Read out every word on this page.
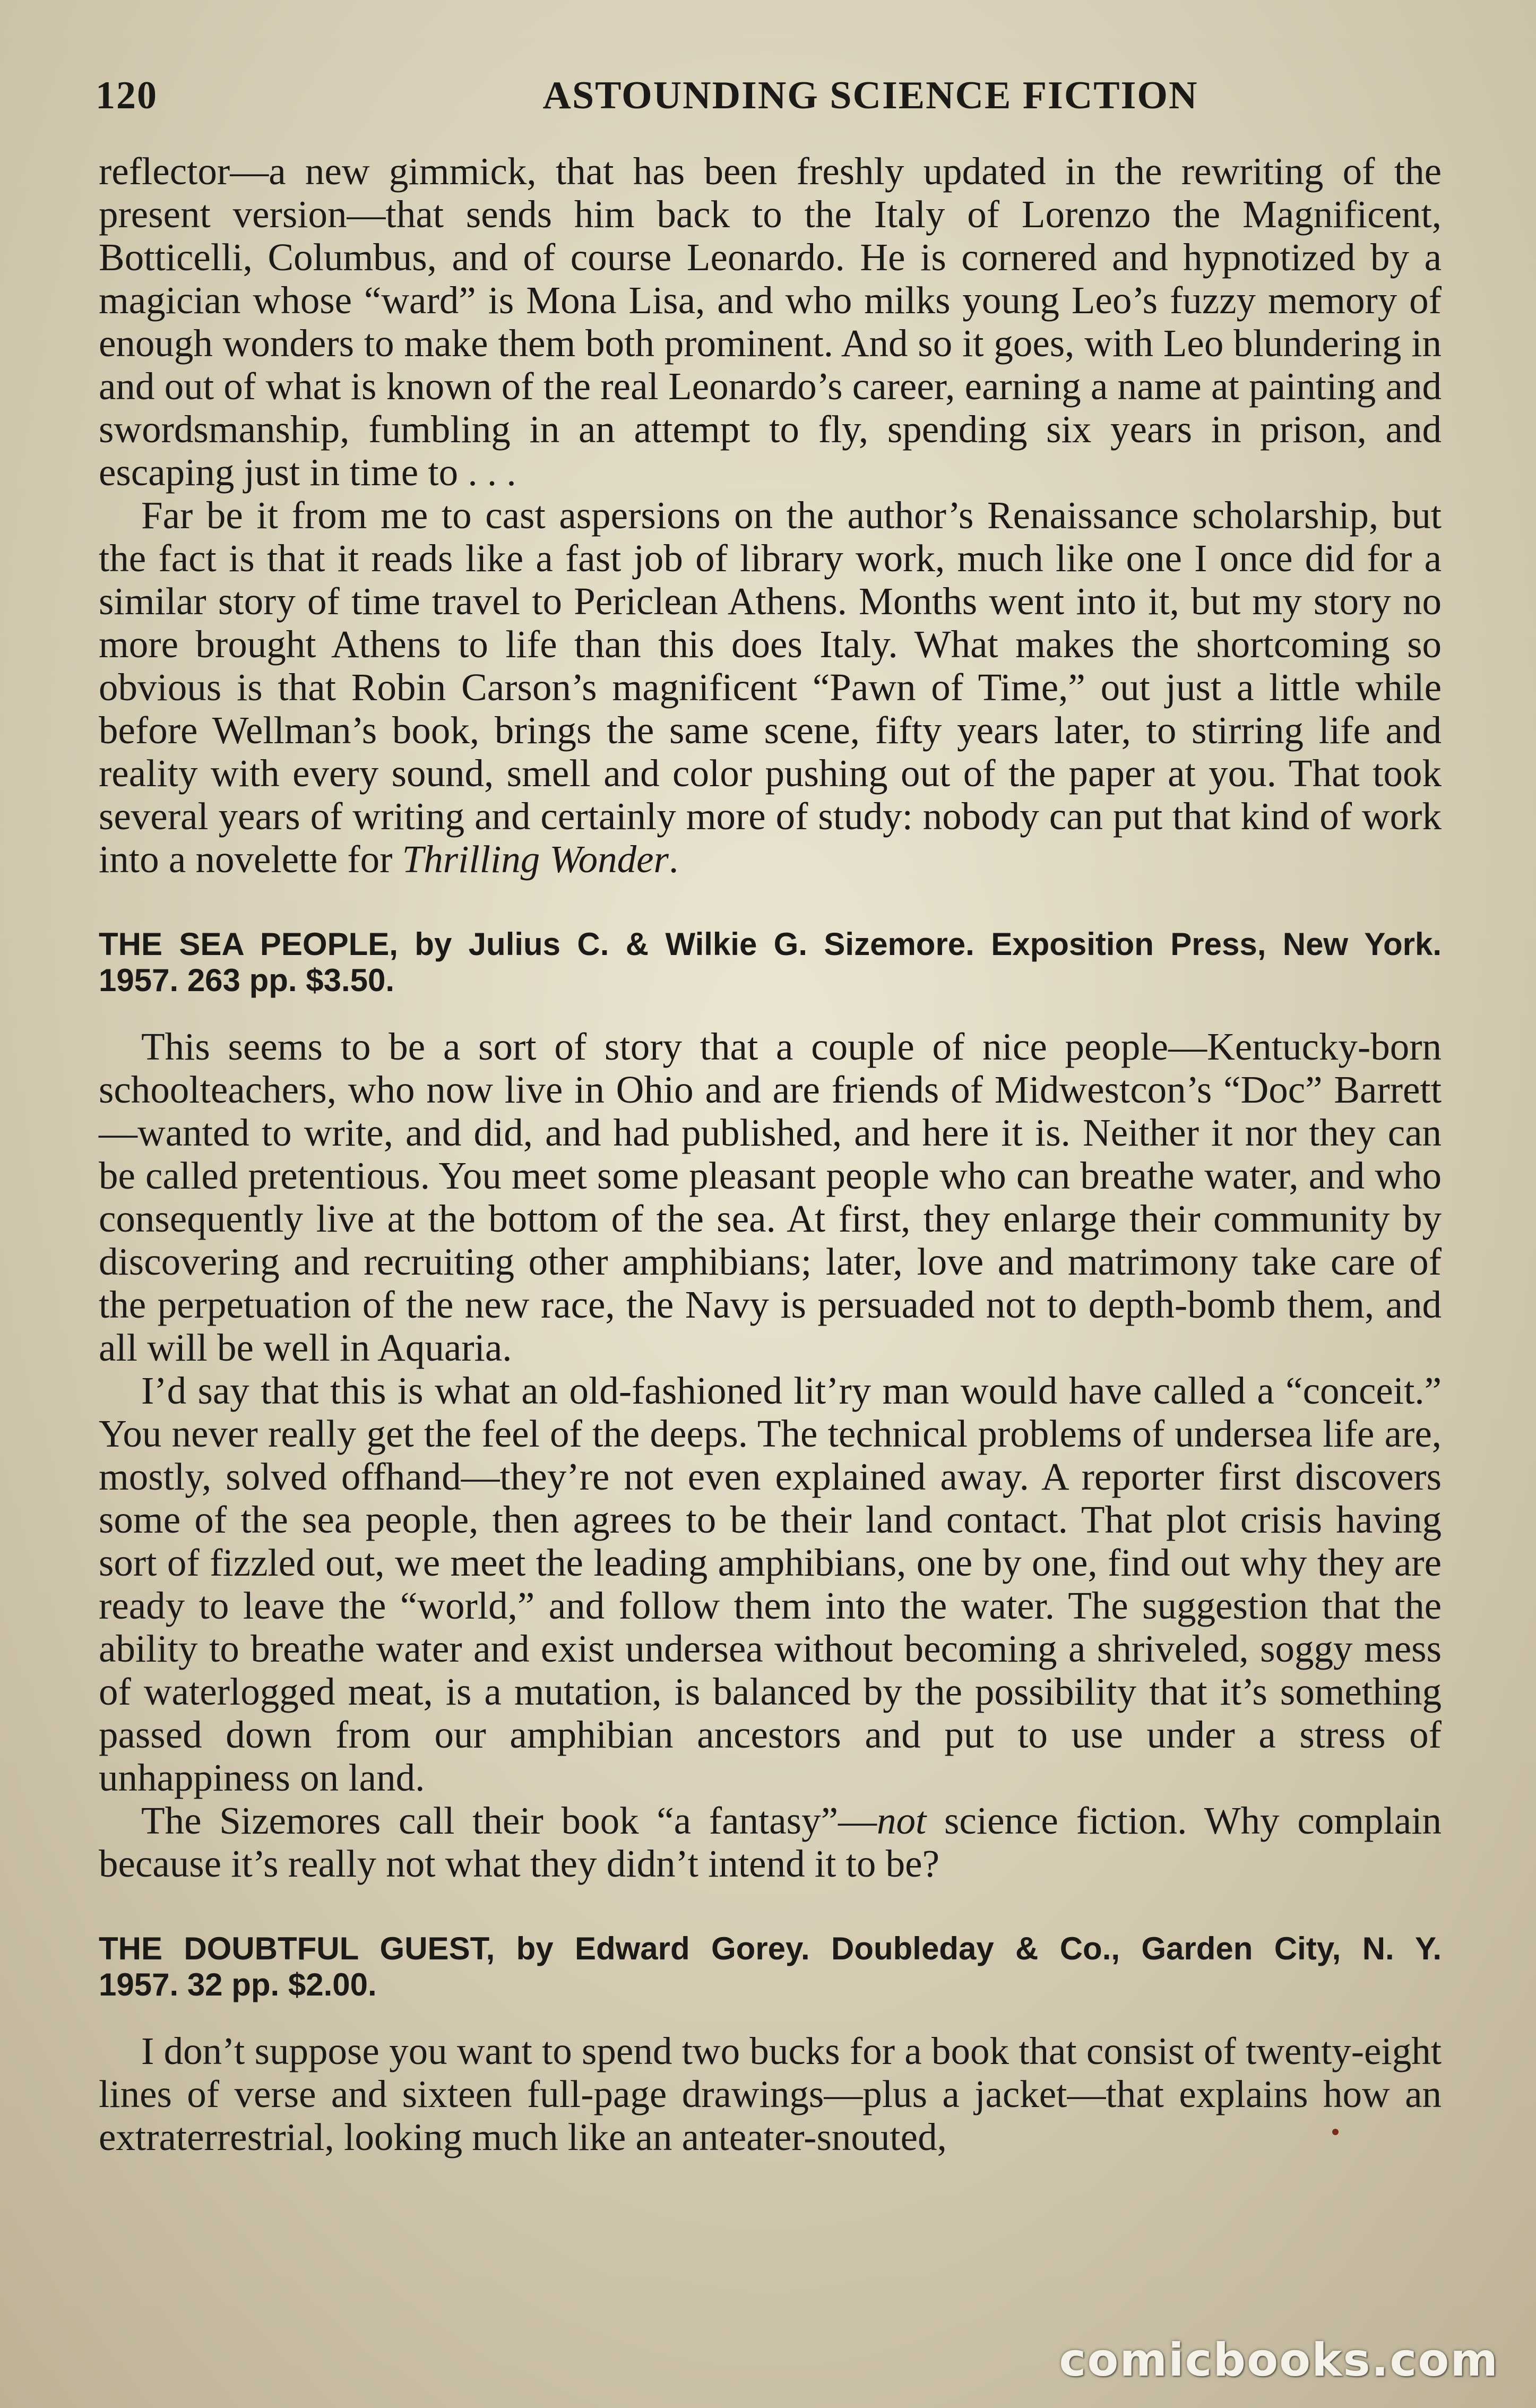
120	ASTOUNDING SCIENCE FICTION

reflector—a new gimmick, that has been freshly updated in the rewriting of the present version—that sends him back to the Italy of Lorenzo the Magnificent, Botticelli, Columbus, and of course Leonardo. He is cornered and hypnotized by a magician whose “ward” is Mona Lisa, and who milks young Leo’s fuzzy memory of enough wonders to make them both prominent. And so it goes, with Leo blundering in and out of what is known of the real Leonardo’s career, earning a name at painting and swordsmanship, fumbling in an attempt to fly, spending six years in prison, and escaping just in time to . . .

Far be it from me to cast aspersions on the author’s Renaissance scholarship, but the fact is that it reads like a fast job of library work, much like one I once did for a similar story of time travel to Periclean Athens. Months went into it, but my story no more brought Athens to life than this does Italy. What makes the shortcoming so obvious is that Robin Carson’s magnificent “Pawn of Time,” out just a little while before Wellman’s book, brings the same scene, fifty years later, to stirring life and reality with every sound, smell and color pushing out of the paper at you. That took several years of writing and certainly more of study: nobody can put that kind of work into a novelette for Thrilling Wonder.

THE SEA PEOPLE, by Julius C. & Wilkie G. Sizemore. Exposition Press, New York.
1957. 263 pp. $3.50.

This seems to be a sort of story that a couple of nice people—Kentucky-born schoolteachers, who now live in Ohio and are friends of Midwestcon’s “Doc” Barrett—wanted to write, and did, and had published, and here it is. Neither it nor they can be called pretentious. You meet some pleasant people who can breathe water, and who consequently live at the bottom of the sea. At first, they enlarge their community by discovering and recruiting other amphibians; later, love and matrimony take care of the perpetuation of the new race, the Navy is persuaded not to depth-bomb them, and all will be well in Aquaria.

I’d say that this is what an old-fashioned lit’ry man would have called a “conceit.” You never really get the feel of the deeps. The technical problems of undersea life are, mostly, solved offhand—they’re not even explained away. A reporter first discovers some of the sea people, then agrees to be their land contact. That plot crisis having sort of fizzled out, we meet the leading amphibians, one by one, find out why they are ready to leave the “world,” and follow them into the water. The suggestion that the ability to breathe water and exist undersea without becoming a shriveled, soggy mess of waterlogged meat, is a mutation, is balanced by the possibility that it’s something passed down from our amphibian ancestors and put to use under a stress of unhappiness on land.

The Sizemores call their book “a fantasy”—not science fiction. Why complain because it’s really not what they didn’t intend it to be?

THE DOUBTFUL GUEST, by Edward Gorey. Doubleday & Co., Garden City, N. Y.
1957. 32 pp. $2.00.

I don’t suppose you want to spend two bucks for a book that consist of twenty-eight lines of verse and sixteen full-page drawings—plus a jacket—that explains how an extraterrestrial, looking much like an anteater-snouted,

comicbooks.com
